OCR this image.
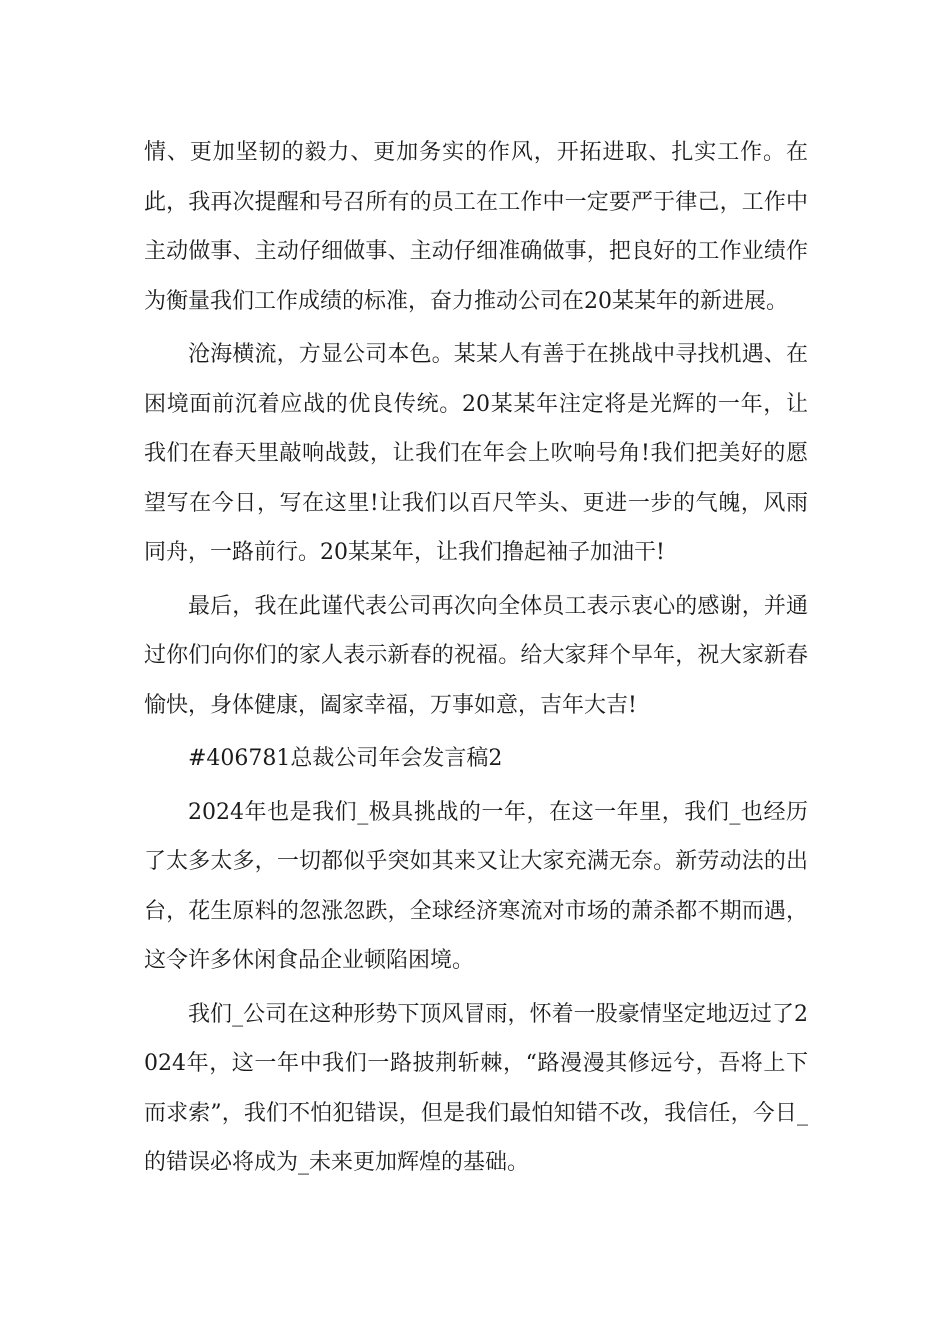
情、更加坚韧的毅力、更加务实的作风，开拓进取、扎实工作。在此，我再次提醒和号召所有的员工在工作中一定要严于律己，工作中主动做事、主动仔细做事、主动仔细准确做事，把良好的工作业绩作为衡量我们工作成绩的标准，奋力推动公司在20某某年的新进展。

沧海横流，方显公司本色。某某人有善于在挑战中寻找机遇、在困境面前沉着应战的优良传统。20某某年注定将是光辉的一年，让我们在春天里敲响战鼓，让我们在年会上吹响号角!我们把美好的愿望写在今日，写在这里!让我们以百尺竿头、更进一步的气魄，风雨同舟，一路前行。20某某年，让我们撸起袖子加油干!

最后，我在此谨代表公司再次向全体员工表示衷心的感谢，并通过你们向你们的家人表示新春的祝福。给大家拜个早年，祝大家新春愉快，身体健康，阖家幸福，万事如意，吉年大吉!

#406781总裁公司年会发言稿2

2024年也是我们_极具挑战的一年，在这一年里，我们_也经历了太多太多，一切都似乎突如其来又让大家充满无奈。新劳动法的出台，花生原料的忽涨忽跌，全球经济寒流对市场的萧杀都不期而遇，这令许多休闲食品企业顿陷困境。

我们_公司在这种形势下顶风冒雨，怀着一股豪情坚定地迈过了2024年，这一年中我们一路披荆斩棘，“路漫漫其修远兮，吾将上下而求索”，我们不怕犯错误，但是我们最怕知错不改，我信任，今日_的错误必将成为_未来更加辉煌的基础。
